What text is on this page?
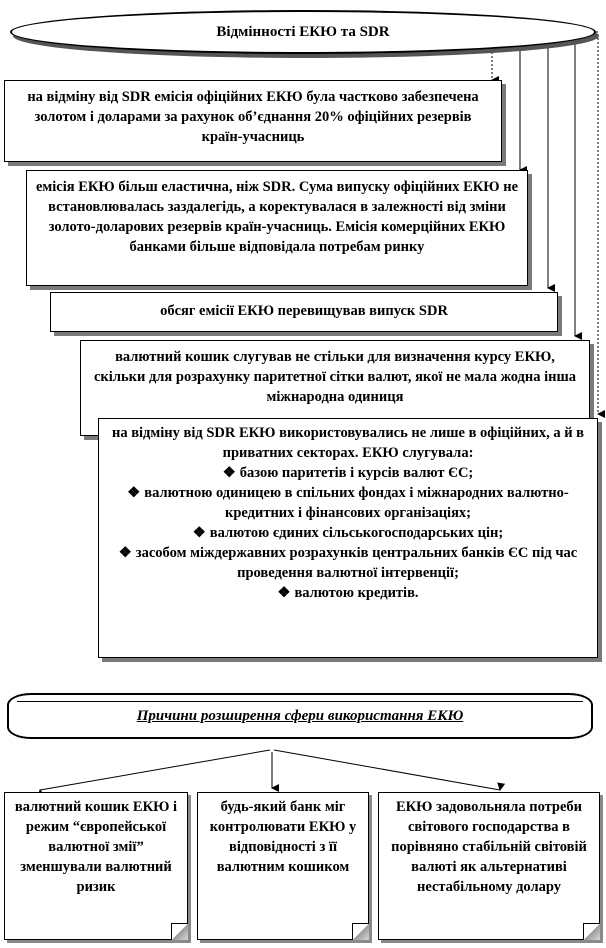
Відмінності ЕКЮ та SDR
на відміну від SDR емісія офіційних ЕКЮ була частково забезпечена золотом і доларами за рахунок об’єднання 20% офіційних резервів країн-учасниць
емісія ЕКЮ більш еластична, ніж SDR. Сума випуску офіційних ЕКЮ не встановлювалась заздалегідь, а коректувалася в залежності від зміни золото-доларових резервів країн-учасниць. Емісія комерційних ЕКЮ банками більше відповідала потребам ринку
обсяг емісії ЕКЮ перевищував випуск SDR
валютний кошик слугував не стільки для визначення курсу ЕКЮ, скільки для розрахунку паритетної сітки валют, якої не мала жодна інша міжнародна одиниця
на відміну від SDR ЕКЮ використовувались не лише в офіційних, а й в приватних секторах. ЕКЮ слугувала:
❖ базою паритетів і курсів валют ЄС;
❖ валютною одиницею в спільних фондах і міжнародних валютно-кредитних і фінансових організаціях;
❖ валютою єдиних сільськогосподарських цін;
❖ засобом міждержавних розрахунків центральних банків ЄС під час проведення валютної інтервенції;
❖ валютою кредитів.
Причини розширення сфери використання ЕКЮ
валютний кошик ЕКЮ і режим “європейської валютної змії” зменшували валютний ризик
будь-який банк міг контролювати ЕКЮ у відповідності з її валютним кошиком
ЕКЮ задовольняла потреби світового господарства в порівняно стабільній світовій валюті як альтернативі нестабільному долару
